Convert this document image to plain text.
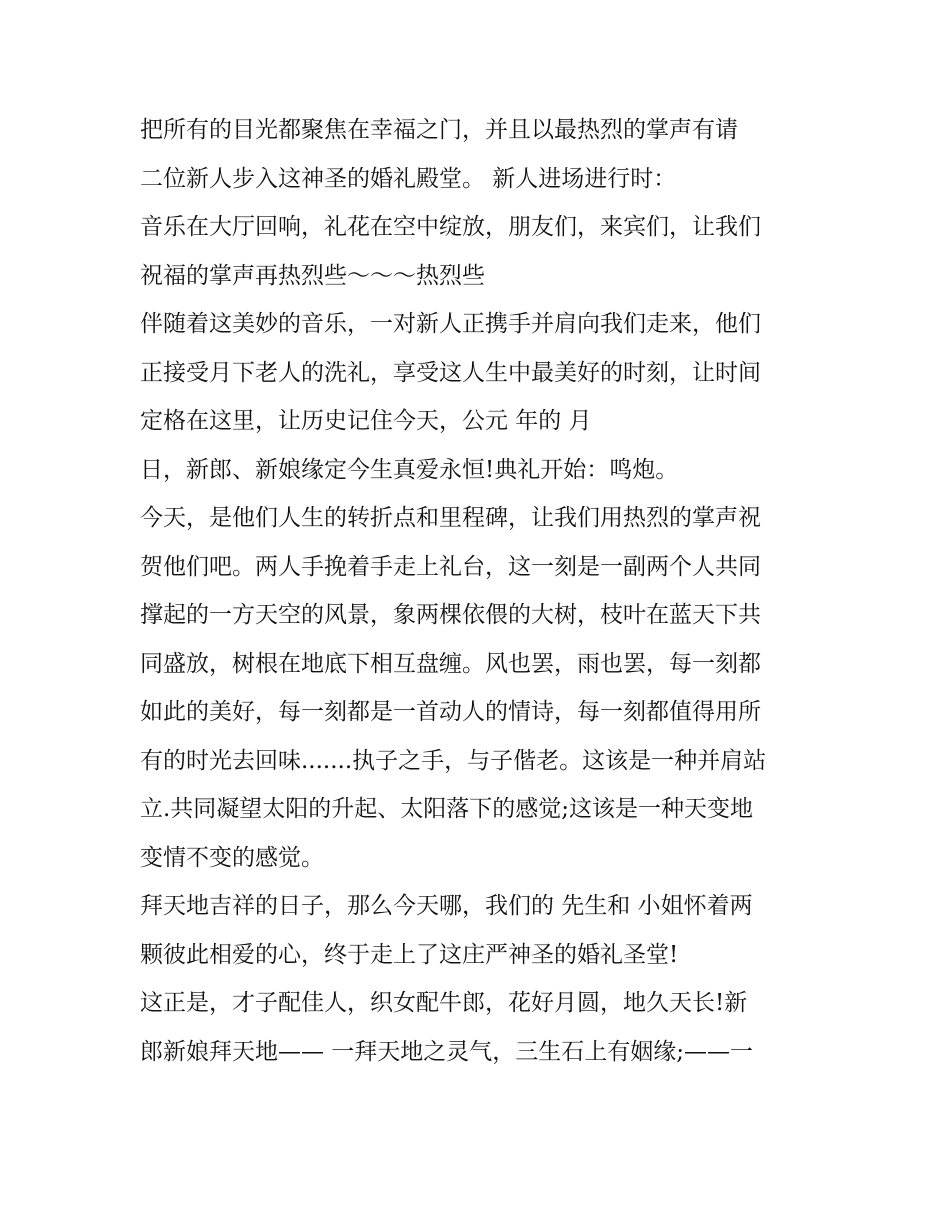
把所有的目光都聚焦在幸福之门，并且以最热烈的掌声有请

二位新人步入这神圣的婚礼殿堂。 新人进场进行时：

音乐在大厅回响，礼花在空中绽放，朋友们，来宾们，让我们

祝福的掌声再热烈些～～～热烈些

伴随着这美妙的音乐，一对新人正携手并肩向我们走来，他们

正接受月下老人的洗礼，享受这人生中最美好的时刻，让时间

定格在这里，让历史记住今天，公元 年的 月

日，新郎、新娘缘定今生真爱永恒!典礼开始：鸣炮。

今天，是他们人生的转折点和里程碑，让我们用热烈的掌声祝

贺他们吧。两人手挽着手走上礼台，这一刻是一副两个人共同

撑起的一方天空的风景，象两棵依偎的大树，枝叶在蓝天下共

同盛放，树根在地底下相互盘缠。风也罢，雨也罢，每一刻都

如此的美好，每一刻都是一首动人的情诗，每一刻都值得用所

有的时光去回味.......执子之手，与子偕老。这该是一种并肩站

立.共同凝望太阳的升起、太阳落下的感觉;这该是一种天变地

变情不变的感觉。

拜天地吉祥的日子，那么今天哪，我们的 先生和 小姐怀着两

颗彼此相爱的心，终于走上了这庄严神圣的婚礼圣堂!

这正是，才子配佳人，织女配牛郎，花好月圆，地久天长!新

郎新娘拜天地—— 一拜天地之灵气，三生石上有姻缘;——一
